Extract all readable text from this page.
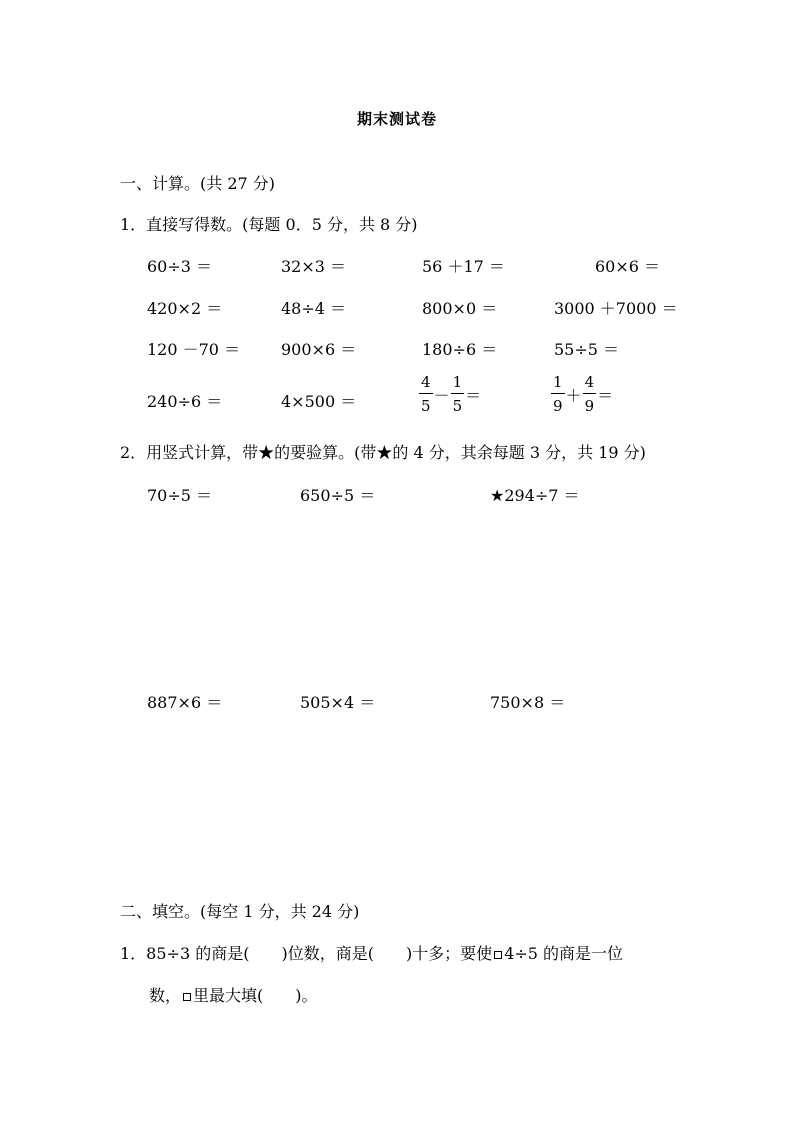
期末测试卷
一、计算。(共 27 分)
1．直接写得数。(每题 0．5 分，共 8 分)
60÷3 ＝	32×3 ＝	56 ＋17 ＝	60×6 ＝
420×2 ＝	48÷4 ＝	800×0 ＝	3000 ＋7000 ＝
120 －70 ＝	900×6 ＝	180÷6 ＝	55÷5 ＝
240÷6 ＝	4×500 ＝	$\frac{4}{5} - \frac{1}{5}$ ＝	$\frac{1}{9} + \frac{4}{9}$ ＝
2．用竖式计算，带★的要验算。(带★的 4 分，其余每题 3 分，共 19 分)
70÷5 ＝	650÷5 ＝	★294÷7 ＝
887×6 ＝	505×4 ＝	750×8 ＝
二、填空。(每空 1 分，共 24 分)
1．85÷3 的商是(　　)位数，商是(　　)十多；要使 4÷5 的商是一位
数， 里最大填(　　)。
